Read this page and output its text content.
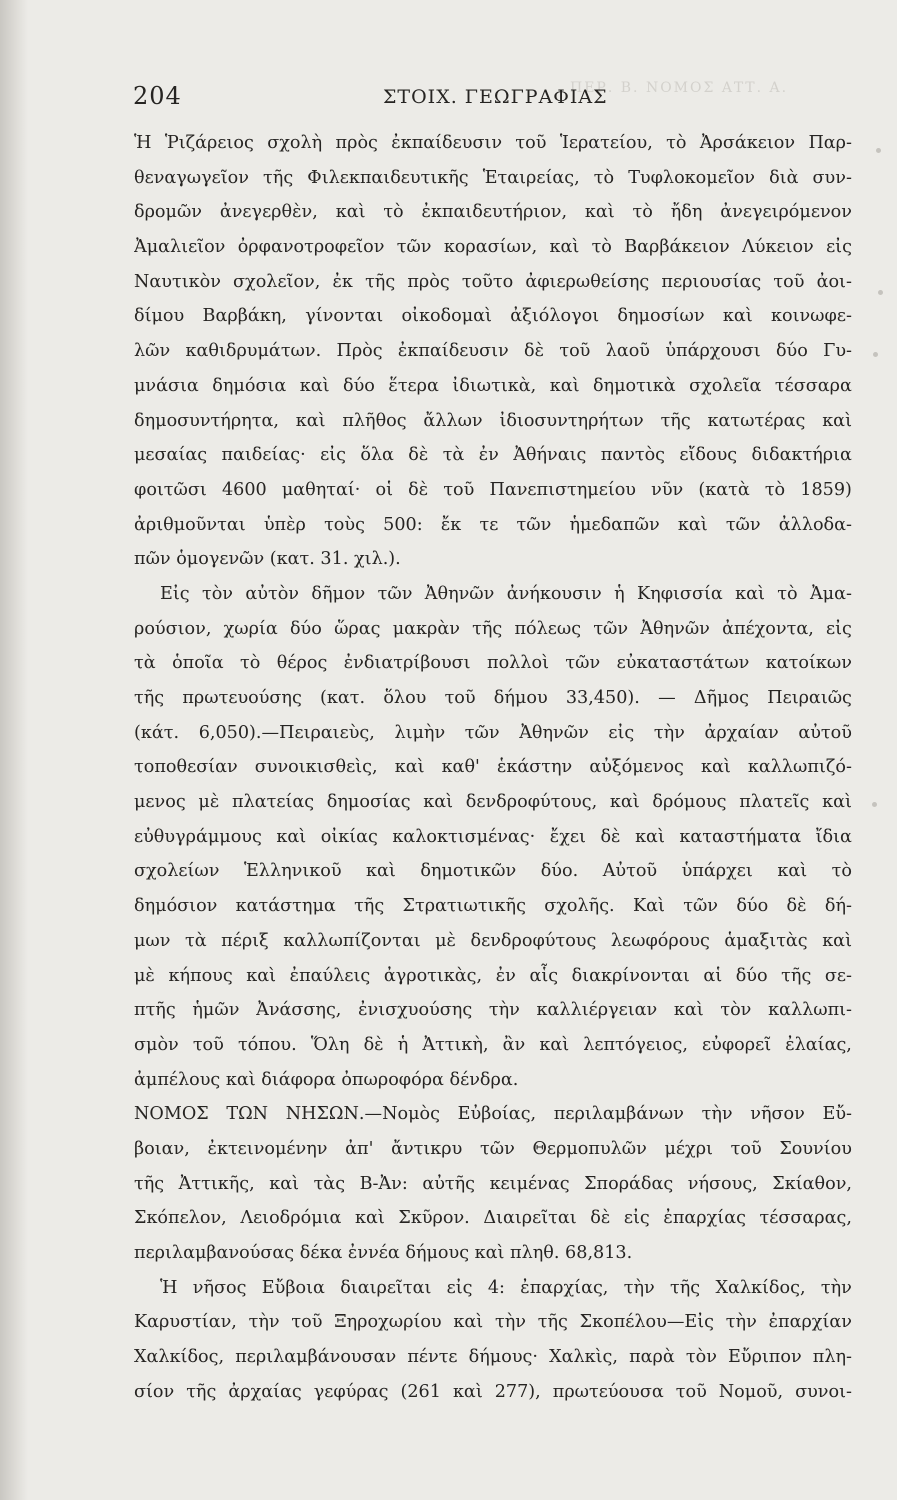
ΠΕΡ. Β. ΝΟΜΟΣ ΑΤΤ. Α.
204	ΣΤΟΙΧ. ΓΕΩΓΡΑΦΙΑΣ
Ἡ Ῥιζάρειος σχολὴ πρὸς ἐκπαίδευσιν τοῦ Ἱερατείου, τὸ Ἀρσάκειον Παρ-
θεναγωγεῖον τῆς Φιλεκπαιδευτικῆς Ἑταιρείας, τὸ Τυφλοκομεῖον διὰ συν-
δρομῶν ἀνεγερθὲν, καὶ τὸ ἐκπαιδευτήριον, καὶ τὸ ἤδη ἀνεγειρόμενον
Ἀμαλιεῖον ὀρφανοτροφεῖον τῶν κορασίων, καὶ τὸ Βαρβάκειον Λύκειον εἰς
Ναυτικὸν σχολεῖον, ἐκ τῆς πρὸς τοῦτο ἀφιερωθείσης περιουσίας τοῦ ἀοι-
δίμου Βαρβάκη, γίνονται οἰκοδομαὶ ἀξιόλογοι δημοσίων καὶ κοινωφε-
λῶν καθιδρυμάτων. Πρὸς ἐκπαίδευσιν δὲ τοῦ λαοῦ ὑπάρχουσι δύο Γυ-
μνάσια δημόσια καὶ δύο ἕτερα ἰδιωτικὰ, καὶ δημοτικὰ σχολεῖα τέσσαρα
δημοσυντήρητα, καὶ πλῆθος ἄλλων ἰδιοσυντηρήτων τῆς κατωτέρας καὶ
μεσαίας παιδείας· εἰς ὅλα δὲ τὰ ἐν Ἀθήναις παντὸς εἴδους διδακτήρια
φοιτῶσι 4600 μαθηταί· οἱ δὲ τοῦ Πανεπιστημείου νῦν (κατὰ τὸ 1859)
ἀριθμοῦνται ὑπὲρ τοὺς 500: ἔκ τε τῶν ἡμεδαπῶν καὶ τῶν ἀλλοδα-
πῶν ὁμογενῶν (κατ. 31. χιλ.).
Εἰς τὸν αὐτὸν δῆμον τῶν Ἀθηνῶν ἀνήκουσιν ἡ Κηφισσία καὶ τὸ Ἀμα-
ρούσιον, χωρία δύο ὥρας μακρὰν τῆς πόλεως τῶν Ἀθηνῶν ἀπέχοντα, εἰς
τὰ ὁποῖα τὸ θέρος ἐνδιατρίβουσι πολλοὶ τῶν εὐκαταστάτων κατοίκων
τῆς πρωτευούσης (κατ. ὅλου τοῦ δήμου 33,450). — Δῆμος Πειραιῶς
(κάτ. 6,050).—Πειραιεὺς, λιμὴν τῶν Ἀθηνῶν εἰς τὴν ἀρχαίαν αὐτοῦ
τοποθεσίαν συνοικισθεὶς, καὶ καθ' ἑκάστην αὐξόμενος καὶ καλλωπιζό-
μενος μὲ πλατείας δημοσίας καὶ δενδροφύτους, καὶ δρόμους πλατεῖς καὶ
εὐθυγράμμους καὶ οἰκίας καλοκτισμένας· ἔχει δὲ καὶ καταστήματα ἴδια
σχολείων Ἑλληνικοῦ καὶ δημοτικῶν δύο. Αὐτοῦ ὑπάρχει καὶ τὸ
δημόσιον κατάστημα τῆς Στρατιωτικῆς σχολῆς. Καὶ τῶν δύο δὲ δή-
μων τὰ πέριξ καλλωπίζονται μὲ δενδροφύτους λεωφόρους ἁμαξιτὰς καὶ
μὲ κήπους καὶ ἐπαύλεις ἀγροτικὰς, ἐν αἷς διακρίνονται αἱ δύο τῆς σε-
πτῆς ἡμῶν Ἀνάσσης, ἐνισχυούσης τὴν καλλιέργειαν καὶ τὸν καλλωπι-
σμὸν τοῦ τόπου. Ὅλη δὲ ἡ Ἀττικὴ, ἂν καὶ λεπτόγειος, εὐφορεῖ ἐλαίας,
ἀμπέλους καὶ διάφορα ὀπωροφόρα δένδρα.
ΝΟΜΟΣ ΤΩΝ ΝΗΣΩΝ.—Νομὸς Εὐβοίας, περιλαμβάνων τὴν νῆσον Εὔ-
βοιαν, ἐκτεινομένην ἀπ' ἄντικρυ τῶν Θερμοπυλῶν μέχρι τοῦ Σουνίου
τῆς Ἀττικῆς, καὶ τὰς Β-Ἀν: αὐτῆς κειμένας Σποράδας νήσους, Σκίαθον,
Σκόπελον, Λειοδρόμια καὶ Σκῦρον. Διαιρεῖται δὲ εἰς ἐπαρχίας τέσσαρας,
περιλαμβανούσας δέκα ἐννέα δήμους καὶ πληθ. 68,813.
Ἡ νῆσος Εὔβοια διαιρεῖται εἰς 4: ἐπαρχίας, τὴν τῆς Χαλκίδος, τὴν
Καρυστίαν, τὴν τοῦ Ξηροχωρίου καὶ τὴν τῆς Σκοπέλου—Εἰς τὴν ἐπαρχίαν
Χαλκίδος, περιλαμβάνουσαν πέντε δήμους· Χαλκὶς, παρὰ τὸν Εὔριπον πλη-
σίον τῆς ἀρχαίας γεφύρας (261 καὶ 277), πρωτεύουσα τοῦ Νομοῦ, συνοι-
